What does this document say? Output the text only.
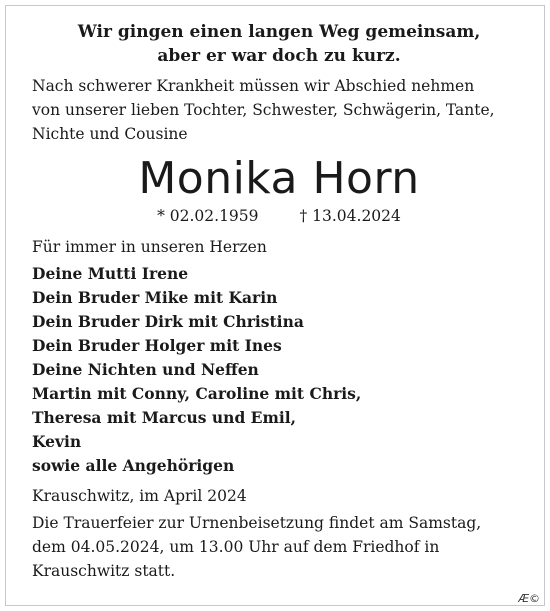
Wir gingen einen langen Weg gemeinsam,
aber er war doch zu kurz.
Nach schwerer Krankheit müssen wir Abschied nehmen
von unserer lieben Tochter, Schwester, Schwägerin, Tante,
Nichte und Cousine
Monika Horn
* 02.02.1959	† 13.04.2024
Für immer in unseren Herzen
Deine Mutti Irene
Dein Bruder Mike mit Karin
Dein Bruder Dirk mit Christina
Dein Bruder Holger mit Ines
Deine Nichten und Neffen
Martin mit Conny, Caroline mit Chris,
Theresa mit Marcus und Emil,
Kevin
sowie alle Angehörigen
Krauschwitz, im April 2024
Die Trauerfeier zur Urnenbeisetzung findet am Samstag,
dem 04.05.2024, um 13.00 Uhr auf dem Friedhof in
Krauschwitz statt.
Æ©
